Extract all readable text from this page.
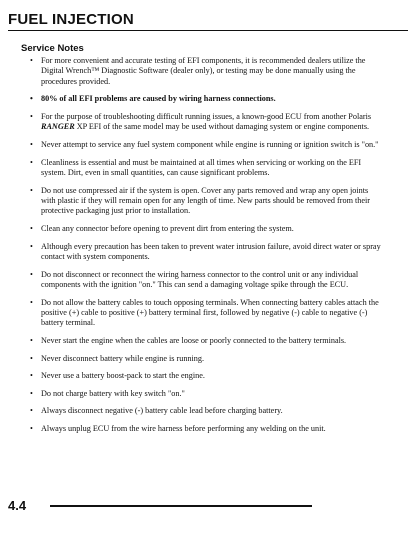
FUEL INJECTION
Service Notes
• For more convenient and accurate testing of EFI components, it is recommended dealers utilize the Digital Wrench™ Diagnostic Software (dealer only), or testing may be done manually using the procedures provided.
• 80% of all EFI problems are caused by wiring harness connections.
• For the purpose of troubleshooting difficult running issues, a known-good ECU from another Polaris RANGER XP EFI of the same model may be used without damaging system or engine components.
• Never attempt to service any fuel system component while engine is running or ignition switch is "on."
• Cleanliness is essential and must be maintained at all times when servicing or working on the EFI system. Dirt, even in small quantities, can cause significant problems.
• Do not use compressed air if the system is open. Cover any parts removed and wrap any open joints with plastic if they will remain open for any length of time. New parts should be removed from their protective packaging just prior to installation.
• Clean any connector before opening to prevent dirt from entering the system.
• Although every precaution has been taken to prevent water intrusion failure, avoid direct water or spray contact with system components.
• Do not disconnect or reconnect the wiring harness connector to the control unit or any individual components with the ignition "on." This can send a damaging voltage spike through the ECU.
• Do not allow the battery cables to touch opposing terminals. When connecting battery cables attach the positive (+) cable to positive (+) battery terminal first, followed by negative (-) cable to negative (-) battery terminal.
• Never start the engine when the cables are loose or poorly connected to the battery terminals.
• Never disconnect battery while engine is running.
• Never use a battery boost-pack to start the engine.
• Do not charge battery with key switch "on."
• Always disconnect negative (-) battery cable lead before charging battery.
• Always unplug ECU from the wire harness before performing any welding on the unit.
4.4
